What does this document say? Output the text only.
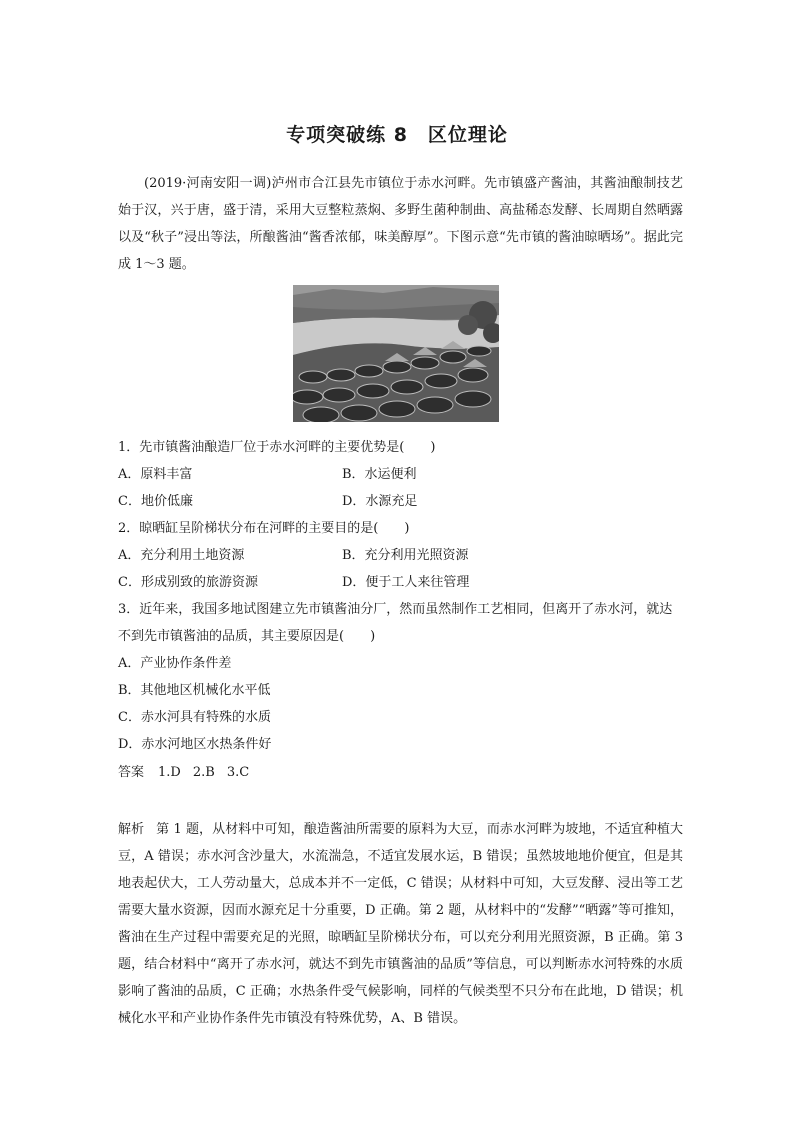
专项突破练 8　区位理论
(2019·河南安阳一调)泸州市合江县先市镇位于赤水河畔。先市镇盛产酱油，其酱油酿制技艺始于汉，兴于唐，盛于清，采用大豆整粒蒸焖、多野生菌种制曲、高盐稀态发酵、长周期自然晒露以及“秋子”浸出等法，所酿酱油“酱香浓郁，味美醇厚”。下图示意“先市镇的酱油晾晒场”。据此完成 1～3 题。
1．先市镇酱油酿造厂位于赤水河畔的主要优势是(　　)
A．原料丰富	B．水运便利
C．地价低廉	D．水源充足
2．晾晒缸呈阶梯状分布在河畔的主要目的是(　　)
A．充分利用土地资源	B．充分利用光照资源
C．形成别致的旅游资源	D．便于工人来往管理
3．近年来，我国多地试图建立先市镇酱油分厂，然而虽然制作工艺相同，但离开了赤水河，就达不到先市镇酱油的品质，其主要原因是(　　)
A．产业协作条件差
B．其他地区机械化水平低
C．赤水河具有特殊的水质
D．赤水河地区水热条件好
答案 1.D 2.B 3.C
解析 第 1 题，从材料中可知，酿造酱油所需要的原料为大豆，而赤水河畔为坡地，不适宜种植大豆，A 错误；赤水河含沙量大，水流湍急，不适宜发展水运，B 错误；虽然坡地地价便宜，但是其地表起伏大，工人劳动量大，总成本并不一定低，C 错误；从材料中可知，大豆发酵、浸出等工艺需要大量水资源，因而水源充足十分重要，D 正确。第 2 题，从材料中的“发酵”“晒露”等可推知，酱油在生产过程中需要充足的光照，晾晒缸呈阶梯状分布，可以充分利用光照资源，B 正确。第 3 题，结合材料中“离开了赤水河，就达不到先市镇酱油的品质”等信息，可以判断赤水河特殊的水质影响了酱油的品质，C 正确；水热条件受气候影响，同样的气候类型不只分布在此地，D 错误；机械化水平和产业协作条件先市镇没有特殊优势，A、B 错误。
